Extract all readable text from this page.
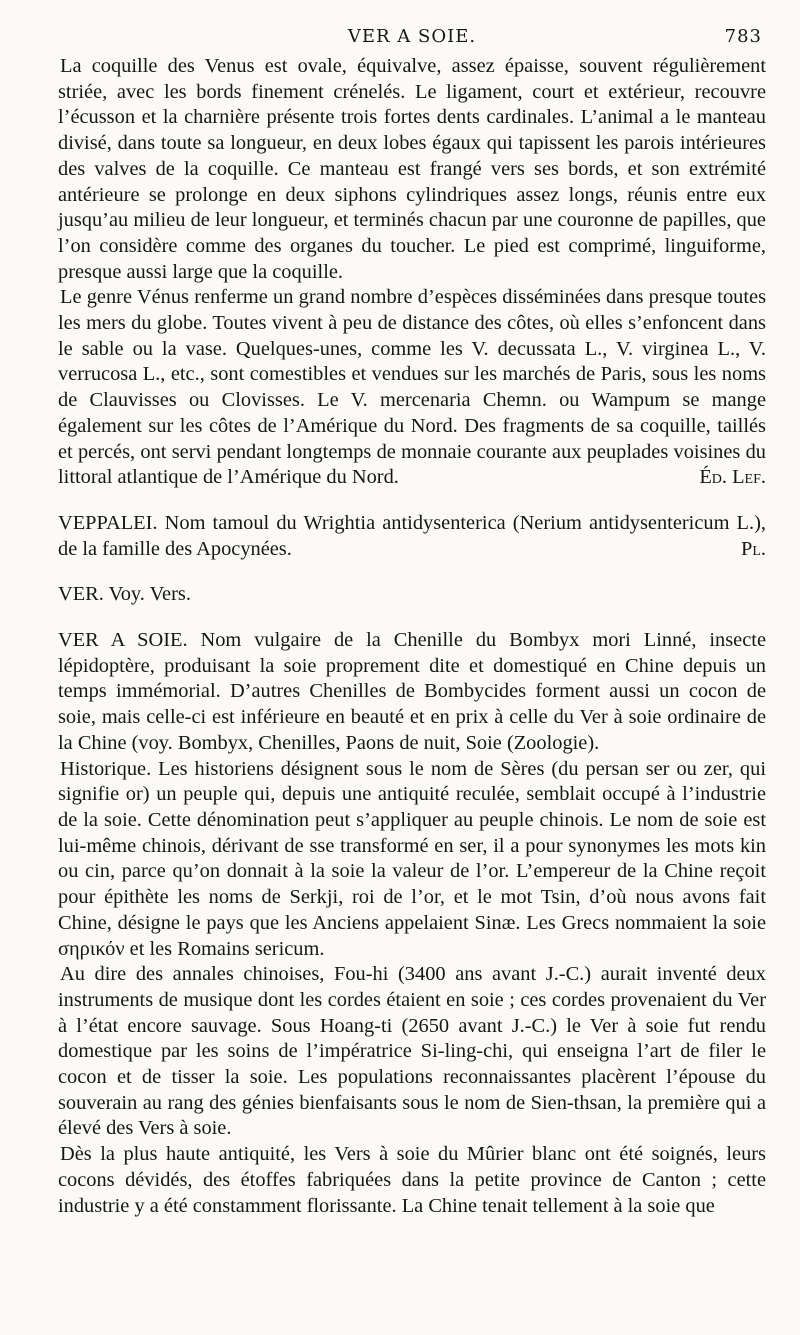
VER A SOIE.	783

La coquille des Venus est ovale, équivalve, assez épaisse, souvent régulièrement striée, avec les bords finement crénelés. Le ligament, court et extérieur, recouvre l’écusson et la charnière présente trois fortes dents cardinales. L’animal a le manteau divisé, dans toute sa longueur, en deux lobes égaux qui tapissent les parois intérieures des valves de la coquille. Ce manteau est frangé vers ses bords, et son extrémité antérieure se prolonge en deux siphons cylindriques assez longs, réunis entre eux jusqu’au milieu de leur longueur, et terminés chacun par une couronne de papilles, que l’on considère comme des organes du toucher. Le pied est comprimé, linguiforme, presque aussi large que la coquille.

Le genre Vénus renferme un grand nombre d’espèces disséminées dans presque toutes les mers du globe. Toutes vivent à peu de distance des côtes, où elles s’enfoncent dans le sable ou la vase. Quelques-unes, comme les V. decussata L., V. virginea L., V. verrucosa L., etc., sont comestibles et vendues sur les marchés de Paris, sous les noms de Clauvisses ou Clovisses. Le V. mercenaria Chemn. ou Wampum se mange également sur les côtes de l’Amérique du Nord. Des fragments de sa coquille, taillés et percés, ont servi pendant longtemps de monnaie courante aux peuplades voisines du littoral atlantique de l’Amérique du Nord.	Éd. Lef.

VEPPALEI. Nom tamoul du Wrightia antidysenterica (Nerium antidysentericum L.), de la famille des Apocynées.	Pl.

VER. Voy. Vers.

VER A SOIE. Nom vulgaire de la Chenille du Bombyx mori Linné, insecte lépidoptère, produisant la soie proprement dite et domestiqué en Chine depuis un temps immémorial. D’autres Chenilles de Bombycides forment aussi un cocon de soie, mais celle-ci est inférieure en beauté et en prix à celle du Ver à soie ordinaire de la Chine (voy. Bombyx, Chenilles, Paons de nuit, Soie (Zoologie).

Historique. Les historiens désignent sous le nom de Sères (du persan ser ou zer, qui signifie or) un peuple qui, depuis une antiquité reculée, semblait occupé à l’industrie de la soie. Cette dénomination peut s’appliquer au peuple chinois. Le nom de soie est lui-même chinois, dérivant de sse transformé en ser, il a pour synonymes les mots kin ou cin, parce qu’on donnait à la soie la valeur de l’or. L’empereur de la Chine reçoit pour épithète les noms de Serkji, roi de l’or, et le mot Tsin, d’où nous avons fait Chine, désigne le pays que les Anciens appelaient Sinæ. Les Grecs nommaient la soie σηρικόν et les Romains sericum.

Au dire des annales chinoises, Fou-hi (3400 ans avant J.-C.) aurait inventé deux instruments de musique dont les cordes étaient en soie ; ces cordes provenaient du Ver à l’état encore sauvage. Sous Hoang-ti (2650 avant J.-C.) le Ver à soie fut rendu domestique par les soins de l’impératrice Si-ling-chi, qui enseigna l’art de filer le cocon et de tisser la soie. Les populations reconnaissantes placèrent l’épouse du souverain au rang des génies bienfaisants sous le nom de Sien-thsan, la première qui a élevé des Vers à soie.

Dès la plus haute antiquité, les Vers à soie du Mûrier blanc ont été soignés, leurs cocons dévidés, des étoffes fabriquées dans la petite province de Canton ; cette industrie y a été constamment florissante. La Chine tenait tellement à la soie que
